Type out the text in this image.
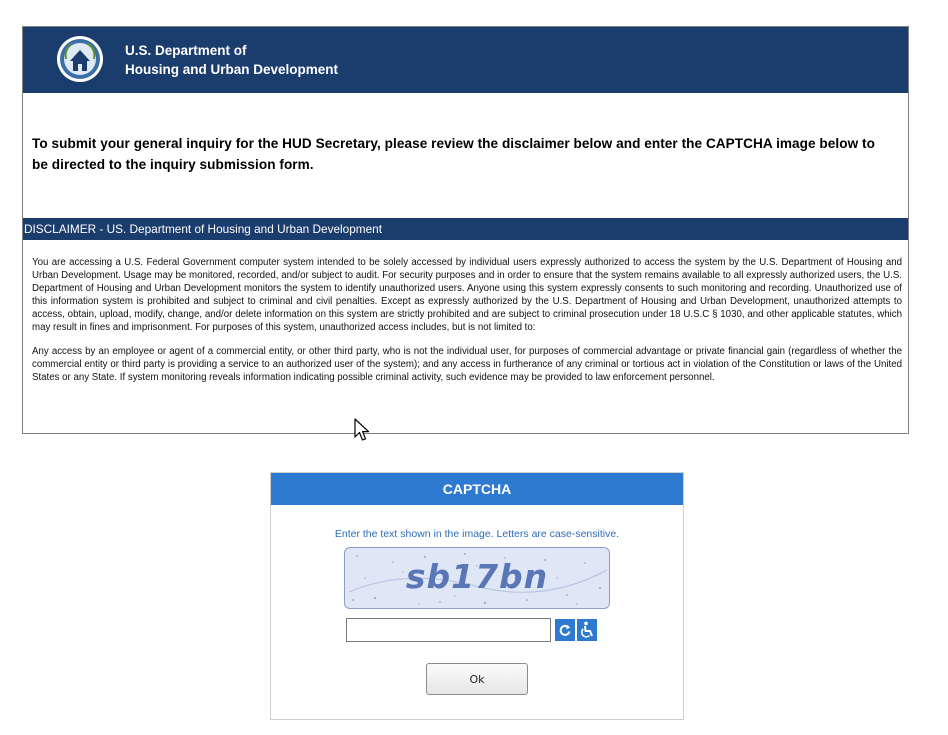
U.S. Department of
Housing and Urban Development
To submit your general inquiry for the HUD Secretary, please review the disclaimer below and enter the CAPTCHA image below to be directed to the inquiry submission form.
DISCLAIMER - US. Department of Housing and Urban Development

You are accessing a U.S. Federal Government computer system intended to be solely accessed by individual users expressly authorized to access the system by the U.S. Department of Housing and Urban Development. Usage may be monitored, recorded, and/or subject to audit. For security purposes and in order to ensure that the system remains available to all expressly authorized users, the U.S. Department of Housing and Urban Development monitors the system to identify unauthorized users. Anyone using this system expressly consents to such monitoring and recording. Unauthorized use of this information system is prohibited and subject to criminal and civil penalties. Except as expressly authorized by the U.S. Department of Housing and Urban Development, unauthorized attempts to access, obtain, upload, modify, change, and/or delete information on this system are strictly prohibited and are subject to criminal prosecution under 18 U.S.C § 1030, and other applicable statutes, which may result in fines and imprisonment. For purposes of this system, unauthorized access includes, but is not limited to:

Any access by an employee or agent of a commercial entity, or other third party, who is not the individual user, for purposes of commercial advantage or private financial gain (regardless of whether the commercial entity or third party is providing a service to an authorized user of the system); and any access in furtherance of any criminal or tortious act in violation of the Constitution or laws of the United States or any State. If system monitoring reveals information indicating possible criminal activity, such evidence may be provided to law enforcement personnel.

CAPTCHA
Enter the text shown in the image. Letters are case-sensitive.
sb17bn
Ok
